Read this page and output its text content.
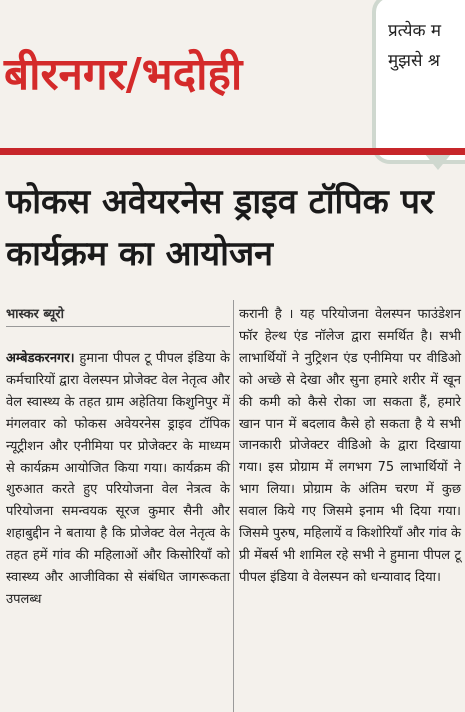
बीरनगर/भदोही
प्रत्येक म
मुझसे श्र
फोकस अवेयरनेस ड्राइव टॉपिक पर कार्यक्रम का आयोजन
भास्कर ब्यूरो
अम्बेडकरनगर। हुमाना पीपल टू पीपल इंडिया के कर्मचारियों द्वारा वेलस्पन प्रोजेक्ट वेल नेतृत्व और वेल स्वास्थ्य के तहत ग्राम अहेतिया किशुनिपुर में मंगलवार को फोकस अवेयरनेस ड्राइव टॉपिक न्यूट्रीशन और एनीमिया पर प्रोजेक्टर के माध्यम से कार्यक्रम आयोजित किया गया। कार्यक्रम की शुरुआत करते हुए परियोजना वेल नेत्रत्व के परियोजना समन्वयक सूरज कुमार सैनी और शहाबुद्दीन ने बताया है कि प्रोजेक्ट वेल नेतृत्व के तहत हमें गांव की महिलाओं और किसोरियाँ को स्वास्थ्य और आजीविका से संबंधित जागरूकता उपलब्ध
करानी है । यह परियोजना वेलस्पन फाउंडेशन फॉर हेल्थ एंड नॉलेज द्वारा समर्थित है। सभी लाभार्थियों ने नुट्रिशन एंड एनीमिया पर वीडिओ को अच्छे से देखा और सुना हमारे शरीर में खून की कमी को कैसे रोका जा सकता हैं, हमारे खान पान में बदलाव कैसे हो सकता है ये सभी जानकारी प्रोजेक्टर वीडिओ के द्वारा दिखाया गया। इस प्रोग्राम में लगभग 75 लाभार्थियों ने भाग लिया। प्रोग्राम के अंतिम चरण में कुछ सवाल किये गए जिसमे इनाम भी दिया गया। जिसमे पुरुष, महिलायें व किशोरियाँ और गांव के प्री मेंबर्स भी शामिल रहे सभी ने हुमाना पीपल टू पीपल इंडिया वे वेलस्पन को धन्यावाद दिया।
